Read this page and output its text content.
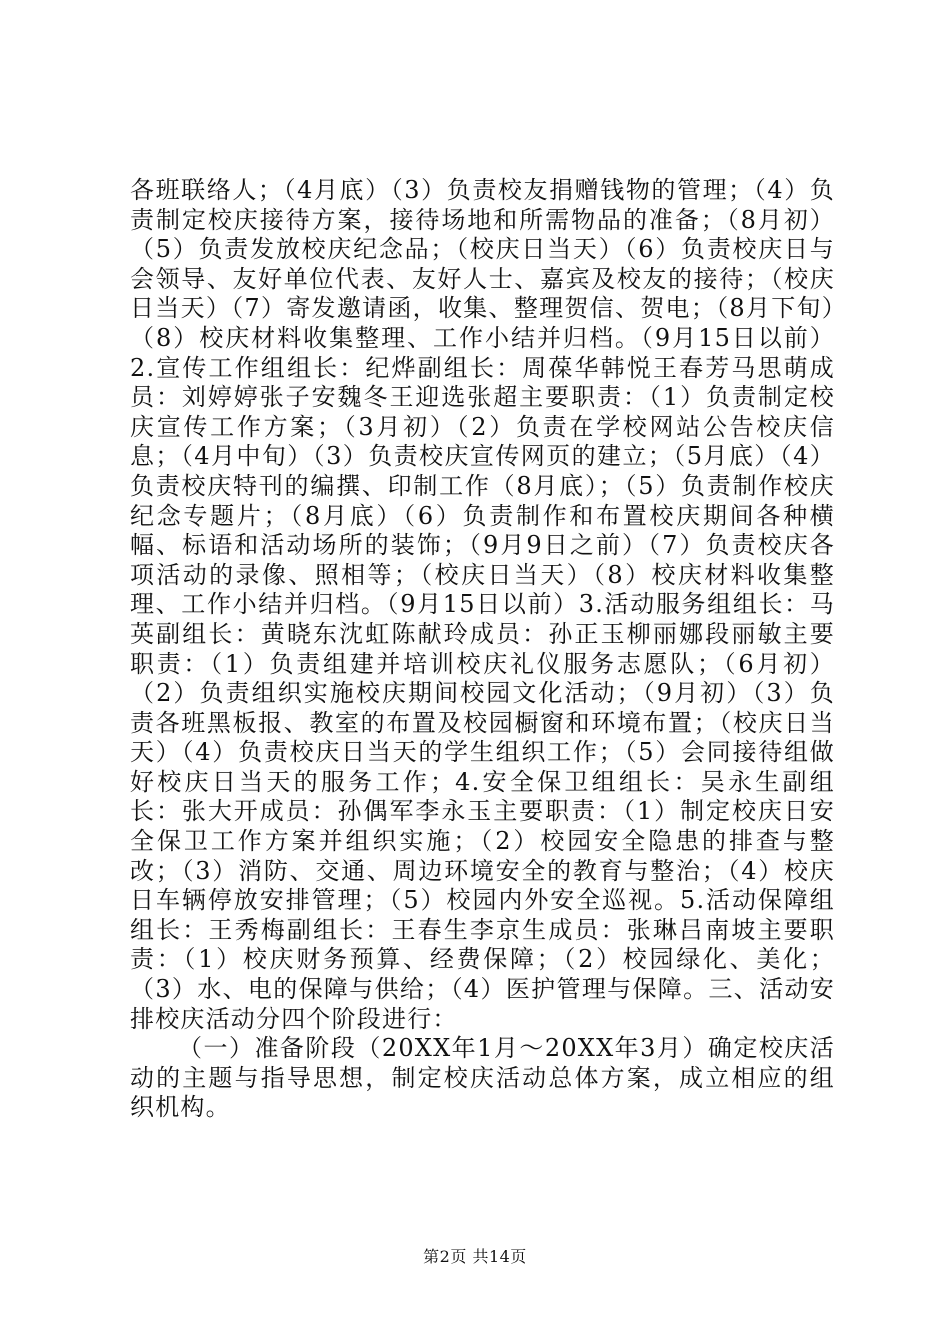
各班联络人；（4月底）（3）负责校友捐赠钱物的管理；（4）负责制定校庆接待方案，接待场地和所需物品的准备；（8月初）（5）负责发放校庆纪念品；（校庆日当天）（6）负责校庆日与会领导、友好单位代表、友好人士、嘉宾及校友的接待；（校庆日当天）（7）寄发邀请函，收集、整理贺信、贺电；（8月下旬）（8）校庆材料收集整理、工作小结并归档。（9月15日以前）2.宣传工作组组长：纪烨副组长：周葆华韩悦王春芳马思萌成员：刘婷婷张子安魏冬王迎选张超主要职责：（1）负责制定校庆宣传工作方案；（3月初）（2）负责在学校网站公告校庆信息；（4月中旬）（3）负责校庆宣传网页的建立；（5月底）（4）负责校庆特刊的编撰、印制工作（8月底）；（5）负责制作校庆纪念专题片；（8月底）（6）负责制作和布置校庆期间各种横幅、标语和活动场所的装饰；（9月9日之前）（7）负责校庆各项活动的录像、照相等；（校庆日当天）（8）校庆材料收集整理、工作小结并归档。（9月15日以前）3.活动服务组组长：马英副组长：黄晓东沈虹陈献玲成员：孙正玉柳丽娜段丽敏主要职责：（1）负责组建并培训校庆礼仪服务志愿队；（6月初）（2）负责组织实施校庆期间校园文化活动；（9月初）（3）负责各班黑板报、教室的布置及校园橱窗和环境布置；（校庆日当天）（4）负责校庆日当天的学生组织工作；（5）会同接待组做好校庆日当天的服务工作；4.安全保卫组组长：吴永生副组长：张大开成员：孙偶军李永玉主要职责：（1）制定校庆日安全保卫工作方案并组织实施；（2）校园安全隐患的排查与整改；（3）消防、交通、周边环境安全的教育与整治；（4）校庆日车辆停放安排管理；（5）校园内外安全巡视。5.活动保障组组长：王秀梅副组长：王春生李京生成员：张琳吕南坡主要职责：（1）校庆财务预算、经费保障；（2）校园绿化、美化；（3）水、电的保障与供给；（4）医护管理与保障。三、活动安排校庆活动分四个阶段进行：

（一）准备阶段（20XX年1月～20XX年3月）确定校庆活动的主题与指导思想，制定校庆活动总体方案，成立相应的组织机构。

第2页 共14页
